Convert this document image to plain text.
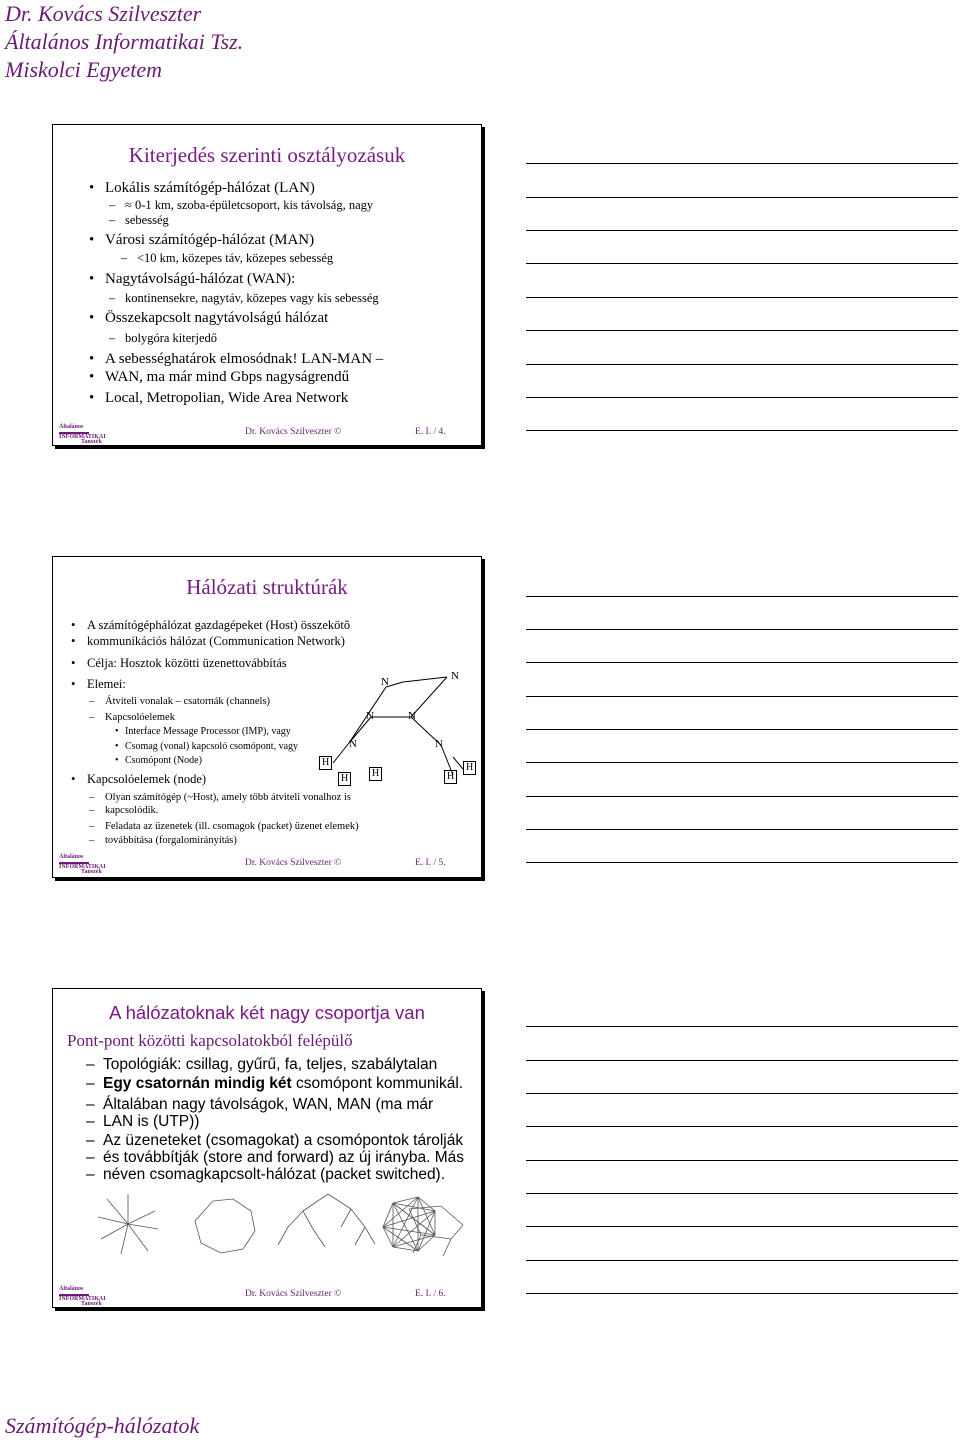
Dr. Kovács Szilveszter
Általános Informatikai Tsz.
Miskolci Egyetem
Kiterjedés szerinti osztályozásuk
• Lokális számítógép-hálózat (LAN)
– ≈ 0-1 km, szoba-épületcsoport, kis távolság, nagy
– sebesség
• Városi számítógép-hálózat (MAN)
– <10 km, közepes táv, közepes sebesség
• Nagytávolságú-hálózat (WAN):
– kontinensekre, nagytáv, közepes vagy kis sebesség
• Összekapcsolt nagytávolságú hálózat
– bolygóra kiterjedő
• A sebességhatárok elmosódnak! LAN-MAN –
• WAN, ma már mind Gbps nagyságrendű
• Local, Metropolian, Wide Area Network
Általános
INFORMATIKAI
Tanszék
Dr. Kovács Szilveszter ©	E. I. / 4.
Hálózati struktúrák
• A számítógéphálózat gazdagépeket (Host) összekötõ
• kommunikációs hálózat (Communication Network)
• Célja: Hosztok közötti üzenettovábbítás
• Elemei:
– Átviteli vonalak – csatornák (channels)
– Kapcsolóelemek
• Interface Message Processor (IMP), vagy
• Csomag (vonal) kapcsoló csomópont, vagy
• Csomópont (Node)
• Kapcsolóelemek (node)
– Olyan számítógép (~Host), amely több átviteli vonalhoz is
– kapcsolódik.
– Feladata az üzenetek (ill. csomagok (packet) üzenet elemek)
– továbbítása (forgalomirányítás)
N	N
N	N
N	N
H
H	H	H
H
Általános
INFORMATIKAI
Tanszék
Dr. Kovács Szilveszter ©	E. I. / 5.
A hálózatoknak két nagy csoportja van
Pont-pont közötti kapcsolatokból felépülő
– Topológiák: csillag, gyűrű, fa, teljes, szabálytalan
– Egy csatornán mindig két csomópont kommunikál.
– Általában nagy távolságok, WAN, MAN (ma már
– LAN is (UTP))
– Az üzeneteket (csomagokat) a csomópontok tárolják
– és továbbítják (store and forward) az új irányba. Más
– néven csomagkapcsolt-hálózat (packet switched).
Általános
INFORMATIKAI
Tanszék
Dr. Kovács Szilveszter ©	E. I. / 6.
Számítógép-hálózatok
